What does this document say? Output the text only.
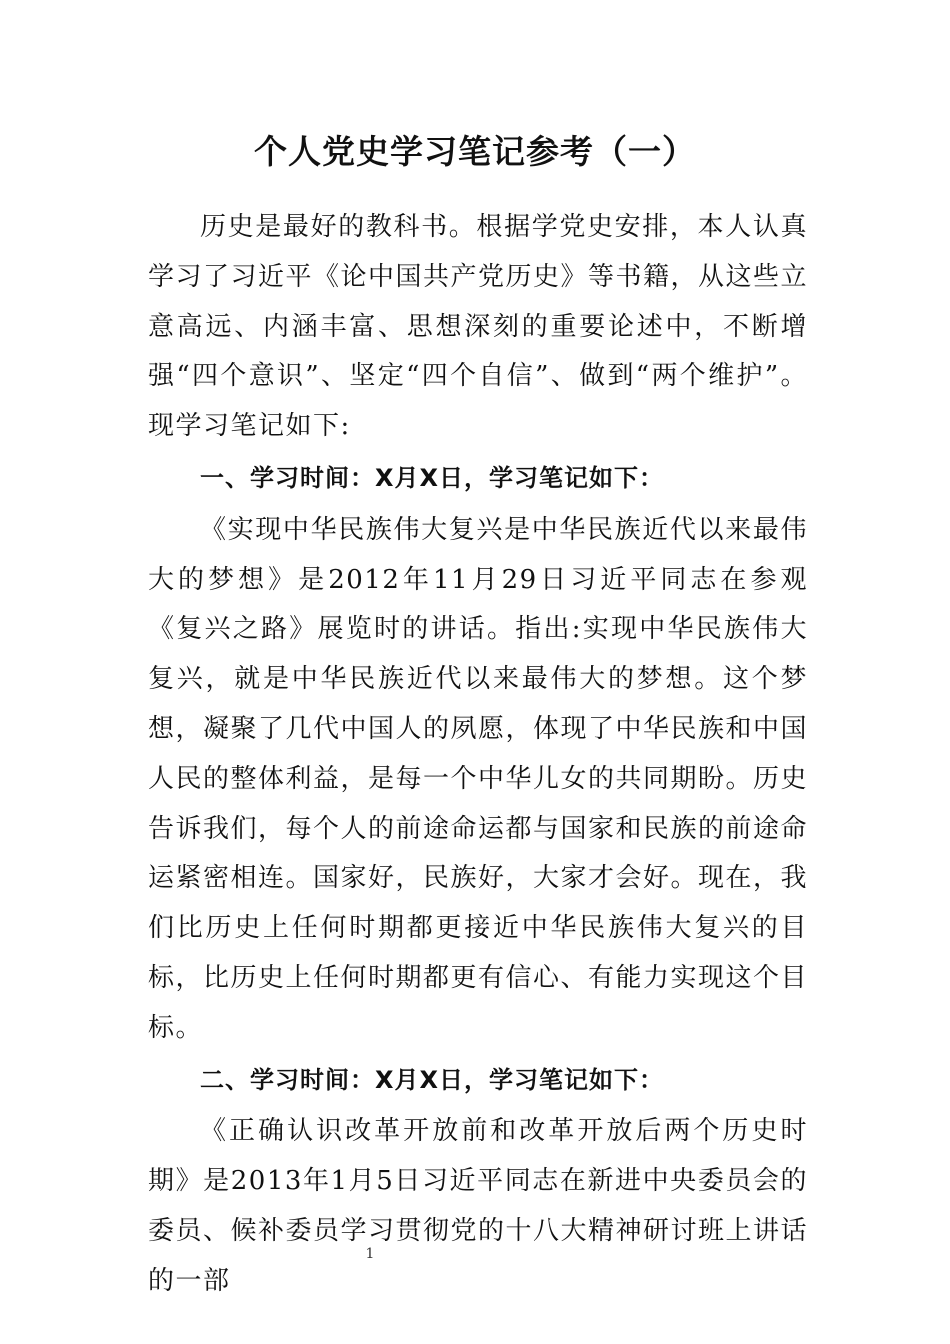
个人党史学习笔记参考（一）

历史是最好的教科书。根据学党史安排，本人认真学习了习近平《论中国共产党历史》等书籍，从这些立意高远、内涵丰富、思想深刻的重要论述中，不断增强“四个意识”、坚定“四个自信”、做到“两个维护”。现学习笔记如下:

一、学习时间：X月X日，学习笔记如下：

《实现中华民族伟大复兴是中华民族近代以来最伟大的梦想》是2012年11月29日习近平同志在参观《复兴之路》展览时的讲话。指出:实现中华民族伟大复兴，就是中华民族近代以来最伟大的梦想。这个梦想，凝聚了几代中国人的夙愿，体现了中华民族和中国人民的整体利益，是每一个中华儿女的共同期盼。历史告诉我们，每个人的前途命运都与国家和民族的前途命运紧密相连。国家好，民族好，大家才会好。现在，我们比历史上任何时期都更接近中华民族伟大复兴的目标，比历史上任何时期都更有信心、有能力实现这个目标。

二、学习时间：X月X日，学习笔记如下：

《正确认识改革开放前和改革开放后两个历史时期》是2013年1月5日习近平同志在新进中央委员会的委员、候补委员学习贯彻党的十八大精神研讨班上讲话的一部

1
